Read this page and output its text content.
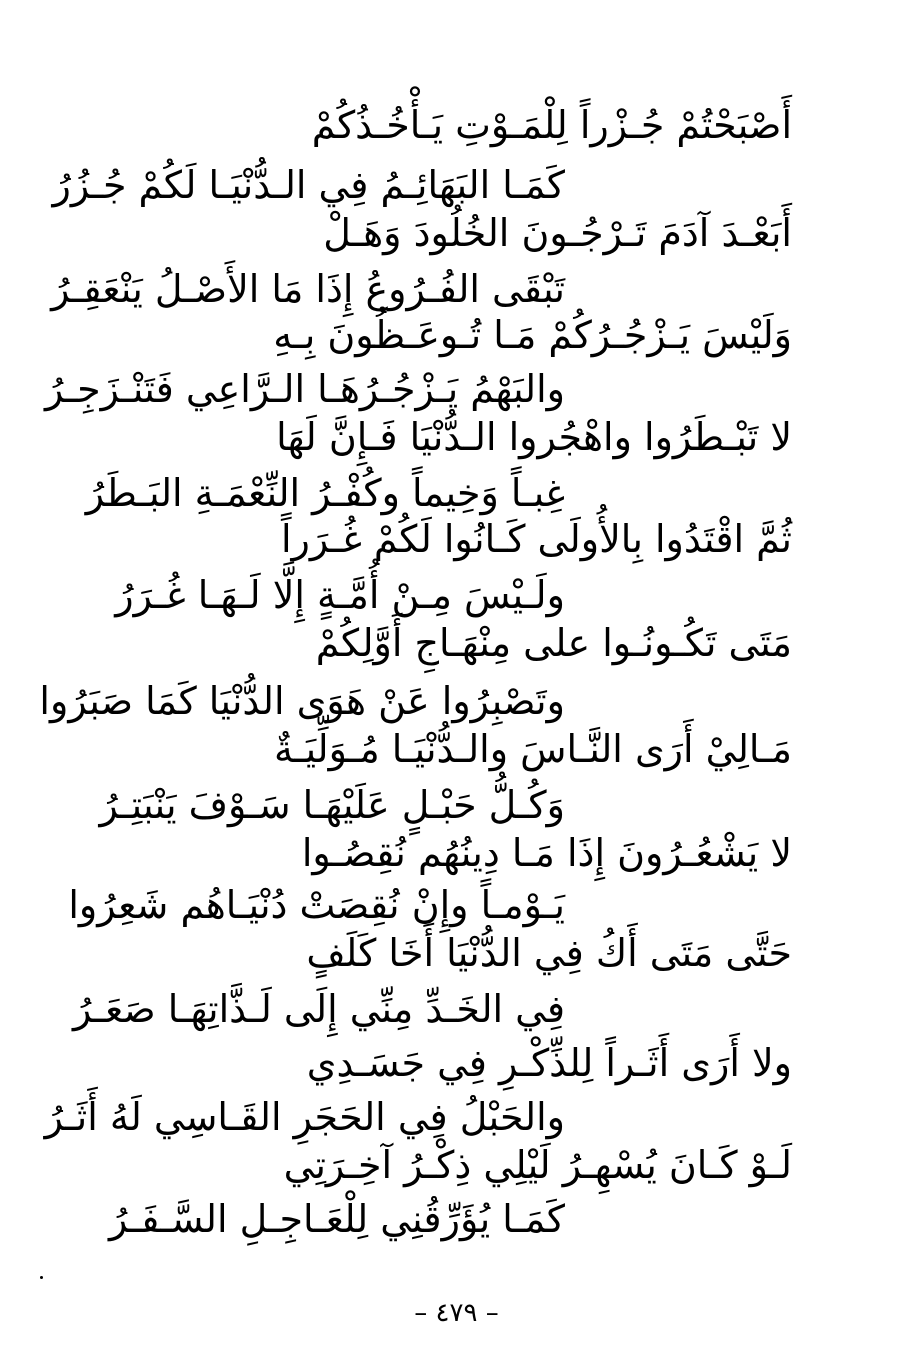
أَصْبَحْتُمْ جُـزْراً لِلْمَـوْتِ يَـأْخُـذُكُمْ
كَمَـا البَهَائِـمُ فِي الـدُّنْيَـا لَكُمْ جُـزُرُ
أَبَعْـدَ آدَمَ تَـرْجُـونَ الخُلُودَ وَهَـلْ
تَبْقَى الفُـرُوعُ إِذَا مَا الأَصْـلُ يَنْعَقِـرُ
وَلَيْسَ يَـزْجُـرُكُمْ مَـا تُـوعَـظُونَ بِـهِ
والبَهْمُ يَـزْجُـرُهَـا الـرَّاعِي فَتَنْـزَجِـرُ
لا تَبْـطَرُوا واهْجُروا الـدُّنْيَا فَـإِنَّ لَهَا
غِبـاً وَخِيماً وكُفْـرُ النِّعْمَـةِ البَـطَرُ
ثُمَّ اقْتَدُوا بِالأُولَى كَـانُوا لَكُمْ غُـرَراً
ولَـيْسَ مِـنْ أُمَّـةٍ إِلَّا لَـهَـا غُـرَرُ
مَتَى تَكُـونُـوا على مِنْهَـاجِ أَوَّلِكُمْ
وتَصْبِرُوا عَنْ هَوَى الدُّنْيَا كَمَا صَبَرُوا
مَـالِيْ أَرَى النَّـاسَ والـدُّنْيَـا مُـوَلِّيَـةٌ
وَكُـلُّ حَبْـلٍ عَلَيْهَـا سَـوْفَ يَنْبَتِـرُ
لا يَشْعُـرُونَ إِذَا مَـا دِينُهُم نُقِصُـوا
يَـوْمـاً وإِنْ نُقِصَتْ دُنْيَـاهُم شَعِرُوا
حَتَّى مَتَى أَكُ فِي الدُّنْيَا أَخَا كَلَفٍ
فِي الخَـدِّ مِنِّي إِلَى لَـذَّاتِهَـا صَعَـرُ
ولا أَرَى أَثَـراً لِلذِّكْـرِ فِي جَسَـدِي
والحَبْلُ فِي الحَجَرِ القَـاسِي لَهُ أَثَـرُ
لَـوْ كَـانَ يُسْهِـرُ لَيْلِي ذِكْـرُ آخِـرَتِي
كَمَـا يُؤَرِّقُنِي لِلْعَـاجِـلِ السَّـفَـرُ
– ٤٧٩ –
